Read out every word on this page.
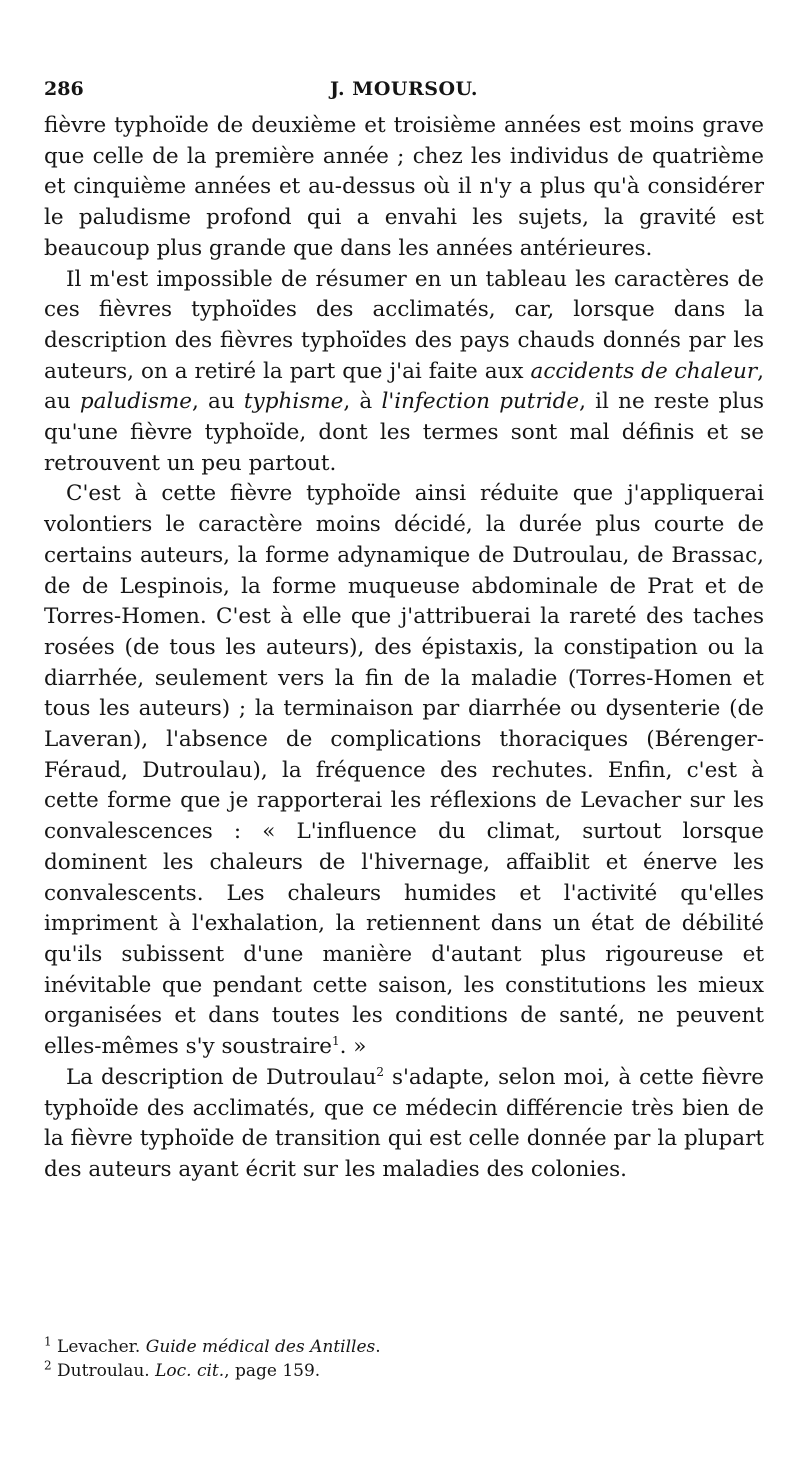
286	J. MOURSOU.

fièvre typhoïde de deuxième et troisième années est moins grave que celle de la première année ; chez les individus de quatrième et cinquième années et au-dessus où il n'y a plus qu'à considérer le paludisme profond qui a envahi les sujets, la gravité est beaucoup plus grande que dans les années antérieures.

Il m'est impossible de résumer en un tableau les caractères de ces fièvres typhoïdes des acclimatés, car, lorsque dans la description des fièvres typhoïdes des pays chauds donnés par les auteurs, on a retiré la part que j'ai faite aux accidents de chaleur, au paludisme, au typhisme, à l'infection putride, il ne reste plus qu'une fièvre typhoïde, dont les termes sont mal définis et se retrouvent un peu partout.

C'est à cette fièvre typhoïde ainsi réduite que j'appliquerai volontiers le caractère moins décidé, la durée plus courte de certains auteurs, la forme adynamique de Dutroulau, de Brassac, de de Lespinois, la forme muqueuse abdominale de Prat et de Torres-Homen. C'est à elle que j'attribuerai la rareté des taches rosées (de tous les auteurs), des épistaxis, la constipation ou la diarrhée, seulement vers la fin de la maladie (Torres-Homen et tous les auteurs) ; la terminaison par diarrhée ou dysenterie (de Laveran), l'absence de complications thoraciques (Bérenger-Féraud, Dutroulau), la fréquence des rechutes. Enfin, c'est à cette forme que je rapporterai les réflexions de Levacher sur les convalescences : « L'influence du climat, surtout lorsque dominent les chaleurs de l'hivernage, affaiblit et énerve les convalescents. Les chaleurs humides et l'activité qu'elles impriment à l'exhalation, la retiennent dans un état de débilité qu'ils subissent d'une manière d'autant plus rigoureuse et inévitable que pendant cette saison, les constitutions les mieux organisées et dans toutes les conditions de santé, ne peuvent elles-mêmes s'y soustraire$^1$. »

La description de Dutroulau$^2$ s'adapte, selon moi, à cette fièvre typhoïde des acclimatés, que ce médecin différencie très bien de la fièvre typhoïde de transition qui est celle donnée par la plupart des auteurs ayant écrit sur les maladies des colonies.

$^1$ Levacher. Guide médical des Antilles.

$^2$ Dutroulau. Loc. cit., page 159.
